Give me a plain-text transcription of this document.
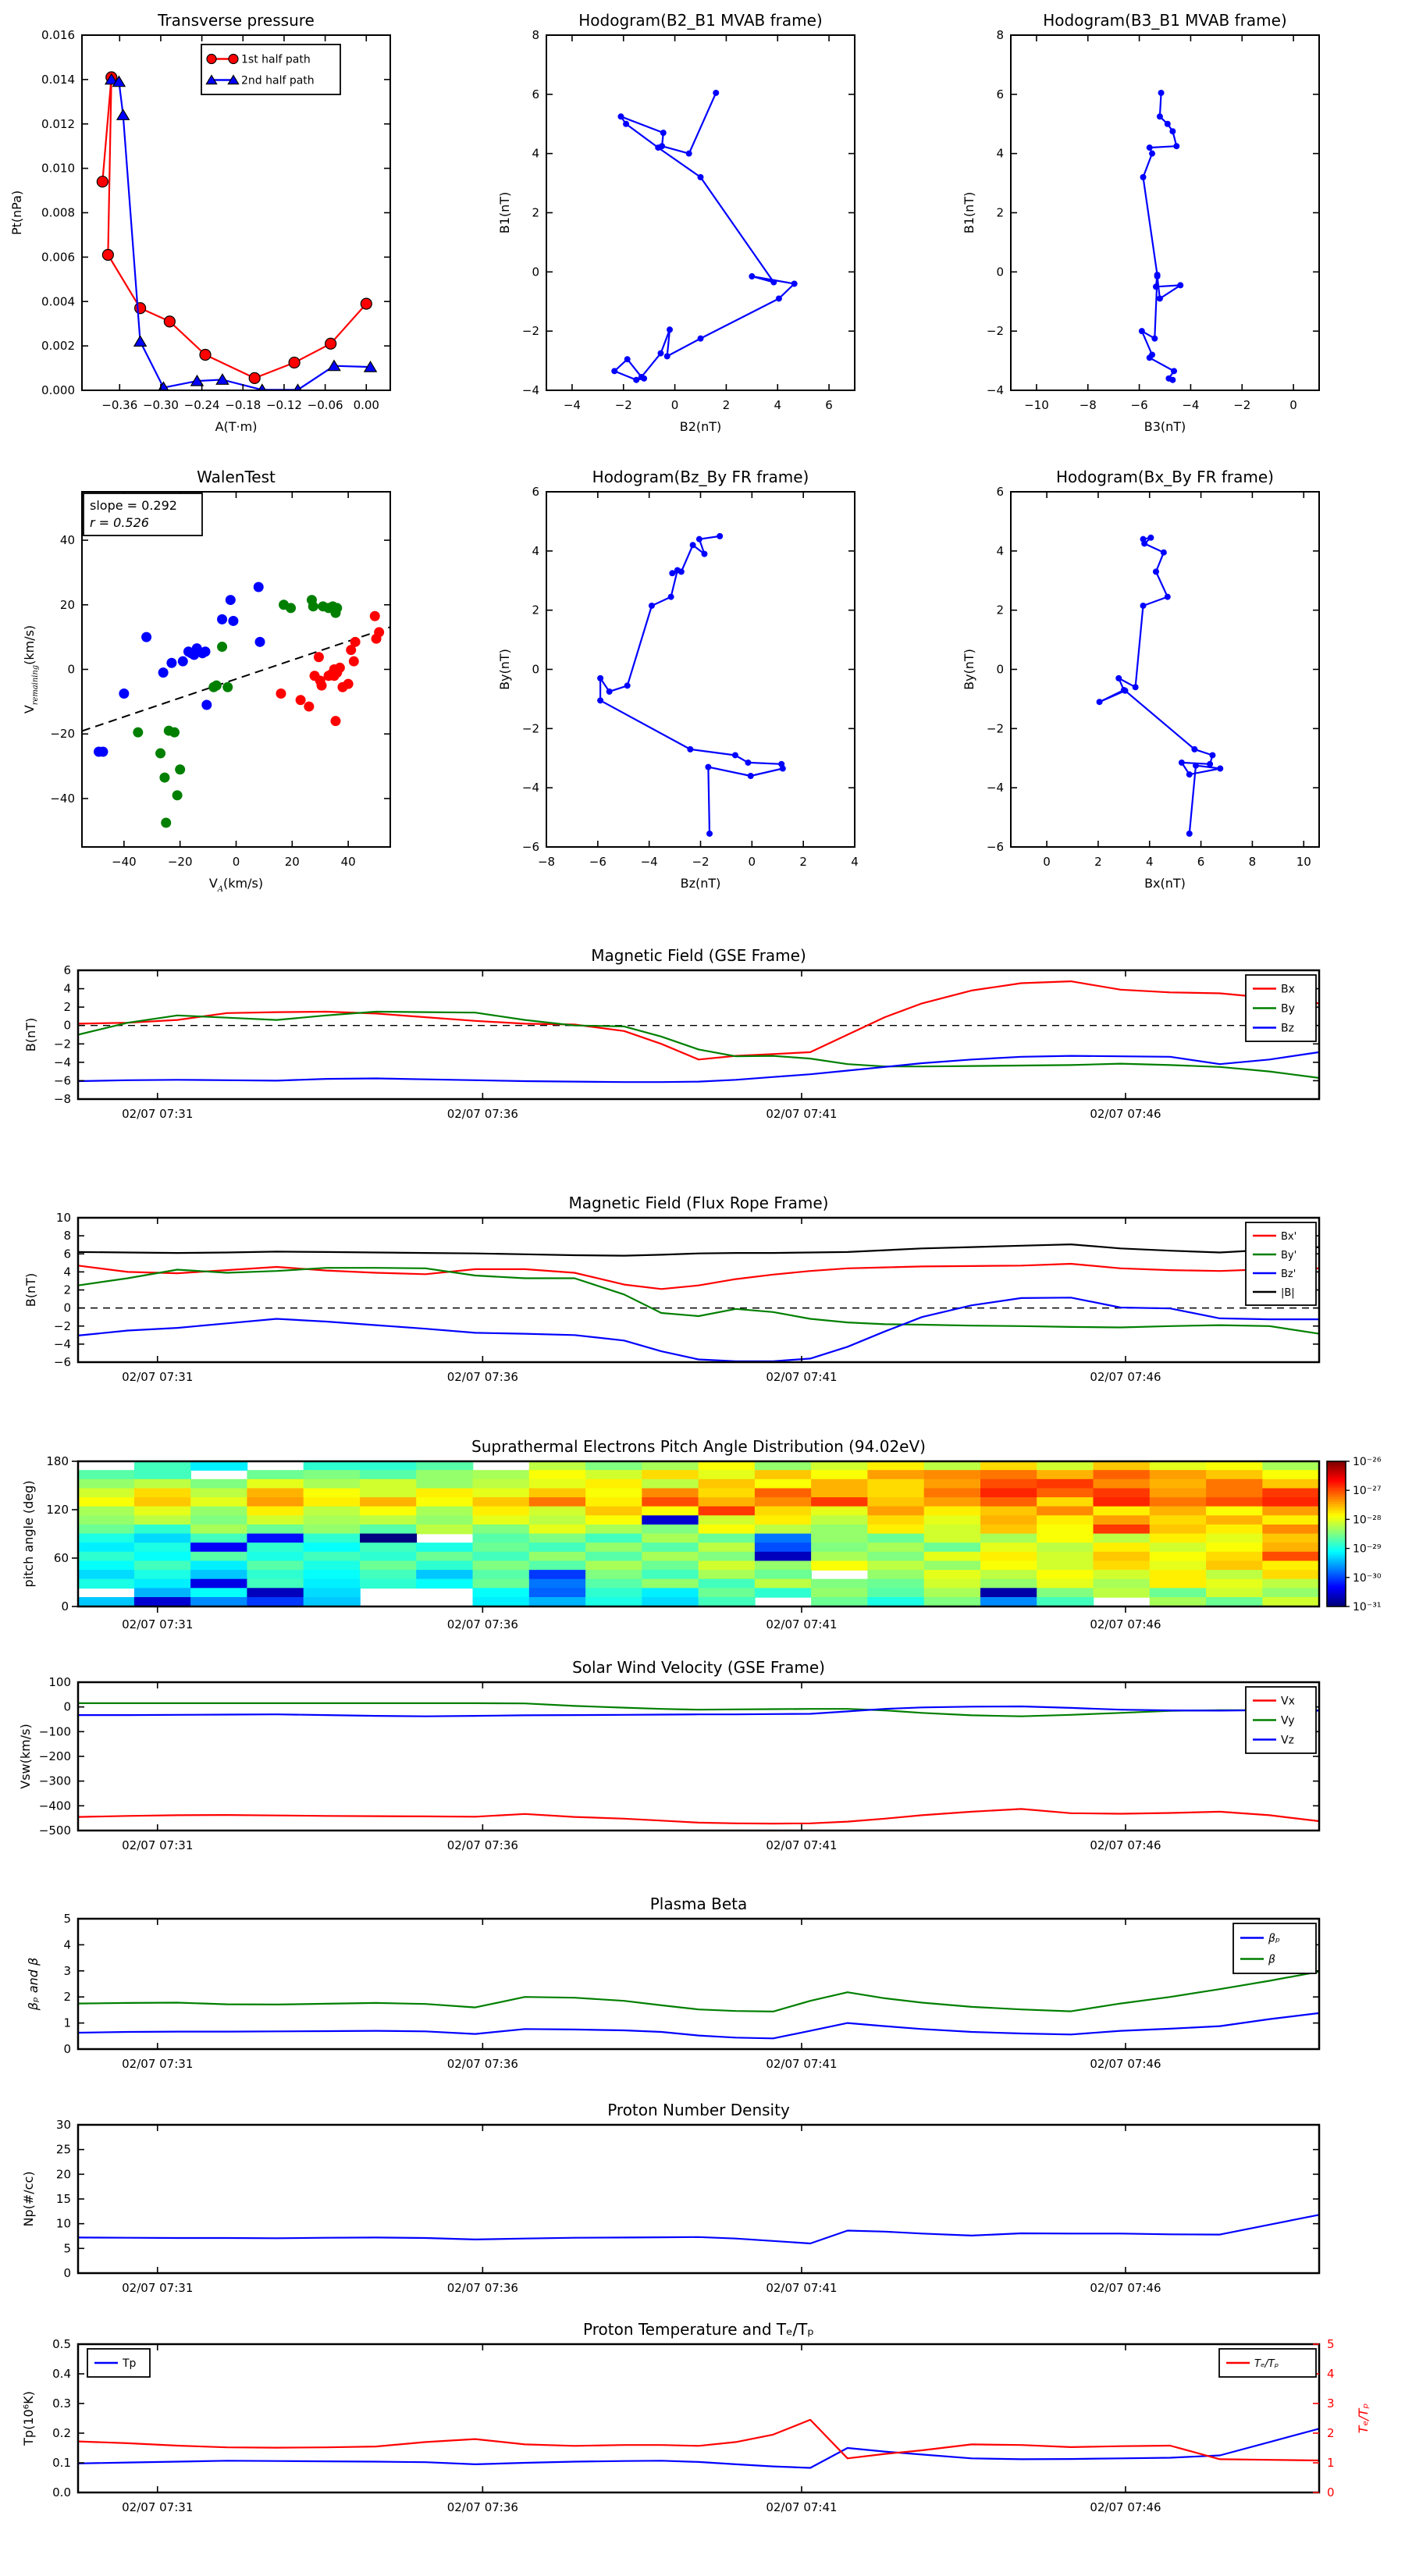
−0.36 −0.30 −0.24 −0.18 −0.12 −0.06 0.00
0.000
0.002
0.004
0.006
0.008
0.010
0.012
0.014
0.016
Transverse pressure
A(T·m)
Pt(nPa)
1st half path
2nd half path
−4	−2	0	2	4	6
−4
−2
0
2
4
6
8
Hodogram(B2_B1 MVAB frame)
B2(nT)
B1(nT)
−10	−8	−6	−4	−2	0
−4
−2
0
2
4
6
8
Hodogram(B3_B1 MVAB frame)
B3(nT)
B1(nT)
−40	−20	0	20	40
−40
−20
0
20
40
WalenTest
$V_A(km/s)$
$V_{remaining}(km/s)$
slope = 0.292
r = 0.526
−8	−6	−4	−2	0	2	4
−6
−4
−2
0
2
4
6
Hodogram(Bz_By FR frame)
Bz(nT)
By(nT)
0	2	4	6	8	10
−6
−4
−2
0
2
4
6
Hodogram(Bx_By FR frame)
Bx(nT)
By(nT)
02/07 07:31	02/07 07:36	02/07 07:41	02/07 07:46
6
4
2
0
−2
−4
−6
−8
Magnetic Field (GSE Frame)
B(nT)
Bx
By
Bz
02/07 07:31	02/07 07:36	02/07 07:41	02/07 07:46
10
8
6
4
2
0
−2
−4
−6
Magnetic Field (Flux Rope Frame)
B(nT)
Bx'
By'
Bz'
|B|
0
60
120
180
02/07 07:31	02/07 07:36	02/07 07:41	02/07 07:46
Suprathermal Electrons Pitch Angle Distribution (94.02eV)
pitch angle (deg)
10⁻²⁶
10⁻²⁷
10⁻²⁸
10⁻²⁹
10⁻³⁰
10⁻³¹
02/07 07:31	02/07 07:36	02/07 07:41	02/07 07:46
100
0
−100
−200
−300
−400
−500
Solar Wind Velocity (GSE Frame)
Vsw(km/s)
Vx
Vy
Vz
02/07 07:31	02/07 07:36	02/07 07:41	02/07 07:46
0
1
2
3
4
5
Plasma Beta
βₚ and β
βₚ
β
02/07 07:31	02/07 07:36	02/07 07:41	02/07 07:46
0
5
10
15
20
25
30
Proton Number Density
Np(#/cc)
02/07 07:31	02/07 07:36	02/07 07:41	02/07 07:46
0.0
0.1
0.2
0.3
0.4
0.5
0
1
2
3
4
5
Tₑ/Tₚ
Proton Temperature and Tₑ/Tₚ
Tp(10⁶K)
Tp	Tₑ/Tₚ
